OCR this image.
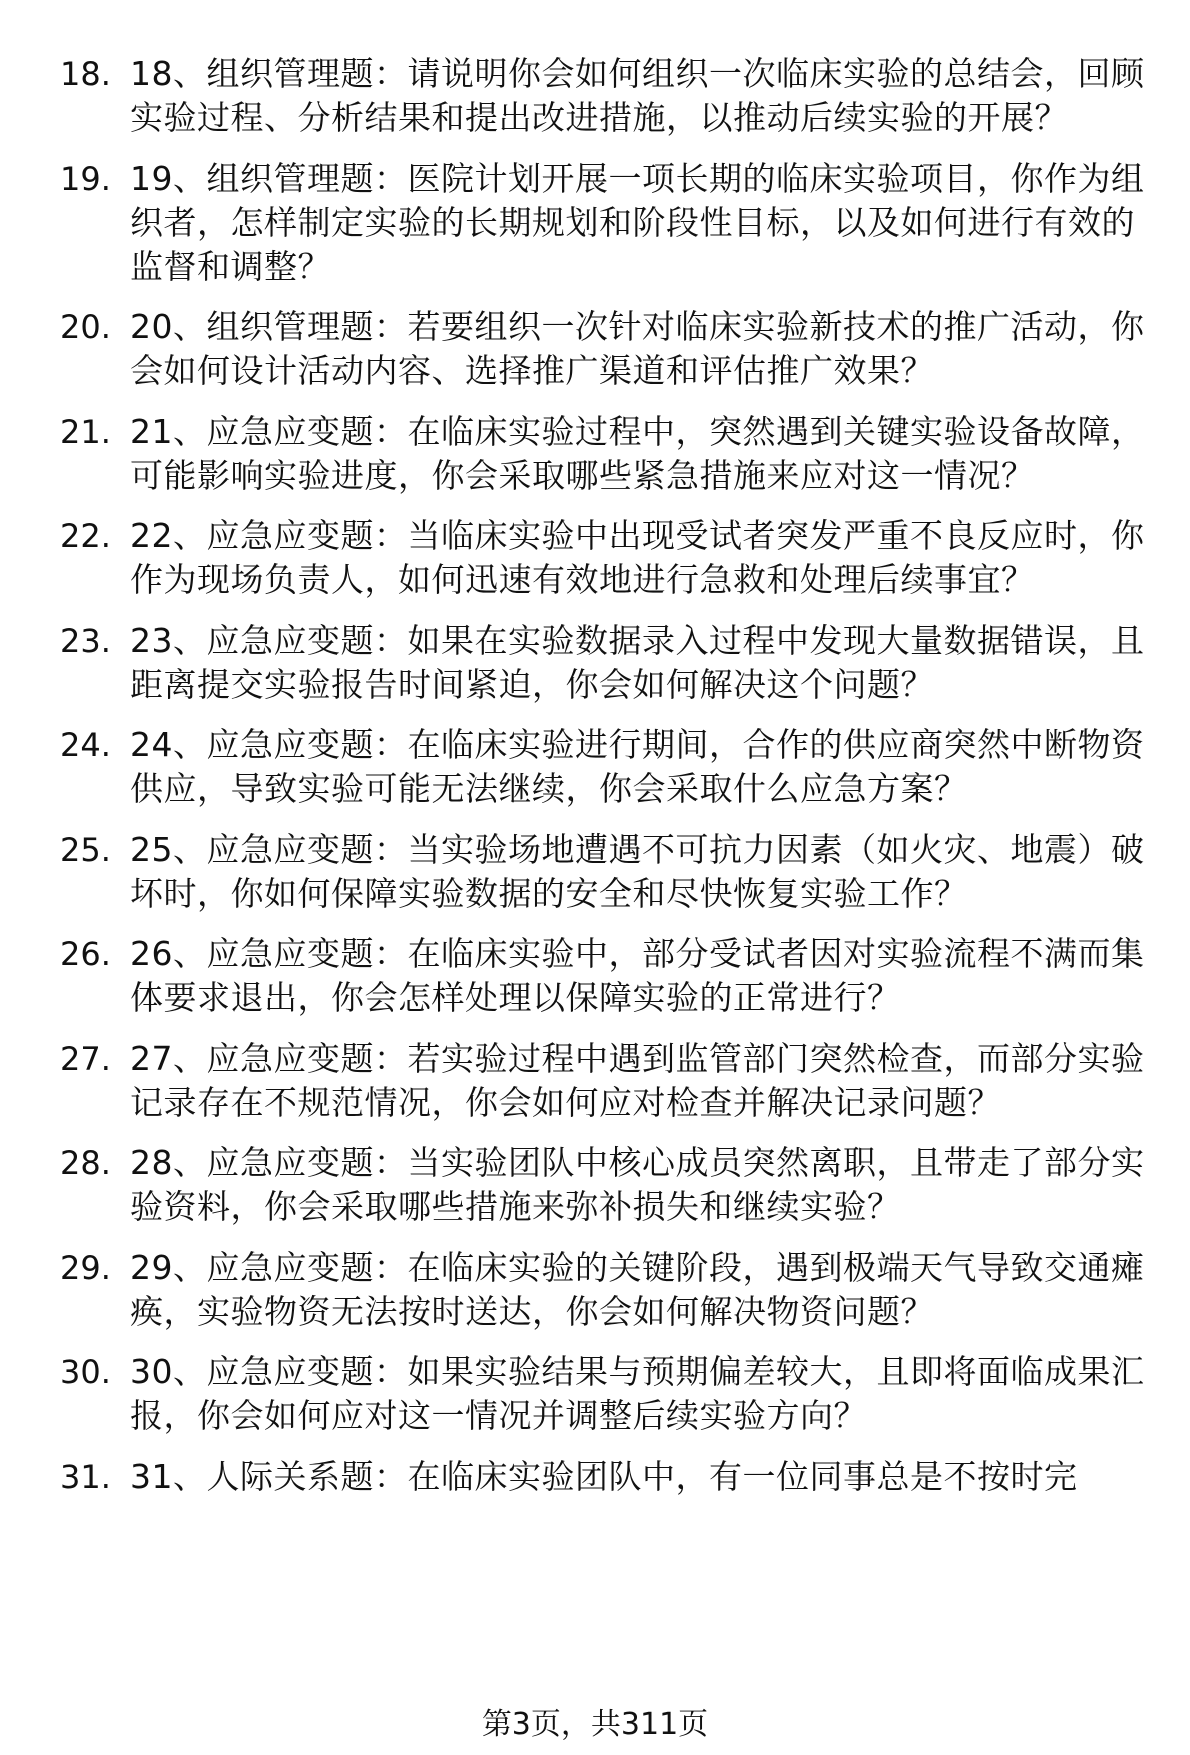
18. 18、组织管理题：请说明你会如何组织一次临床实验的总结会，回顾实验过程、分析结果和提出改进措施，以推动后续实验的开展？
19. 19、组织管理题：医院计划开展一项长期的临床实验项目，你作为组织者，怎样制定实验的长期规划和阶段性目标，以及如何进行有效的监督和调整？
20. 20、组织管理题：若要组织一次针对临床实验新技术的推广活动，你会如何设计活动内容、选择推广渠道和评估推广效果？
21. 21、应急应变题：在临床实验过程中，突然遇到关键实验设备故障，可能影响实验进度，你会采取哪些紧急措施来应对这一情况？
22. 22、应急应变题：当临床实验中出现受试者突发严重不良反应时，你作为现场负责人，如何迅速有效地进行急救和处理后续事宜？
23. 23、应急应变题：如果在实验数据录入过程中发现大量数据错误，且距离提交实验报告时间紧迫，你会如何解决这个问题？
24. 24、应急应变题：在临床实验进行期间，合作的供应商突然中断物资供应，导致实验可能无法继续，你会采取什么应急方案？
25. 25、应急应变题：当实验场地遭遇不可抗力因素（如火灾、地震）破坏时，你如何保障实验数据的安全和尽快恢复实验工作？
26. 26、应急应变题：在临床实验中，部分受试者因对实验流程不满而集体要求退出，你会怎样处理以保障实验的正常进行？
27. 27、应急应变题：若实验过程中遇到监管部门突然检查，而部分实验记录存在不规范情况，你会如何应对检查并解决记录问题？
28. 28、应急应变题：当实验团队中核心成员突然离职，且带走了部分实验资料，你会采取哪些措施来弥补损失和继续实验？
29. 29、应急应变题：在临床实验的关键阶段，遇到极端天气导致交通瘫痪，实验物资无法按时送达，你会如何解决物资问题？
30. 30、应急应变题：如果实验结果与预期偏差较大，且即将面临成果汇报，你会如何应对这一情况并调整后续实验方向？
31. 31、人际关系题：在临床实验团队中，有一位同事总是不按时完
第3页，共311页
